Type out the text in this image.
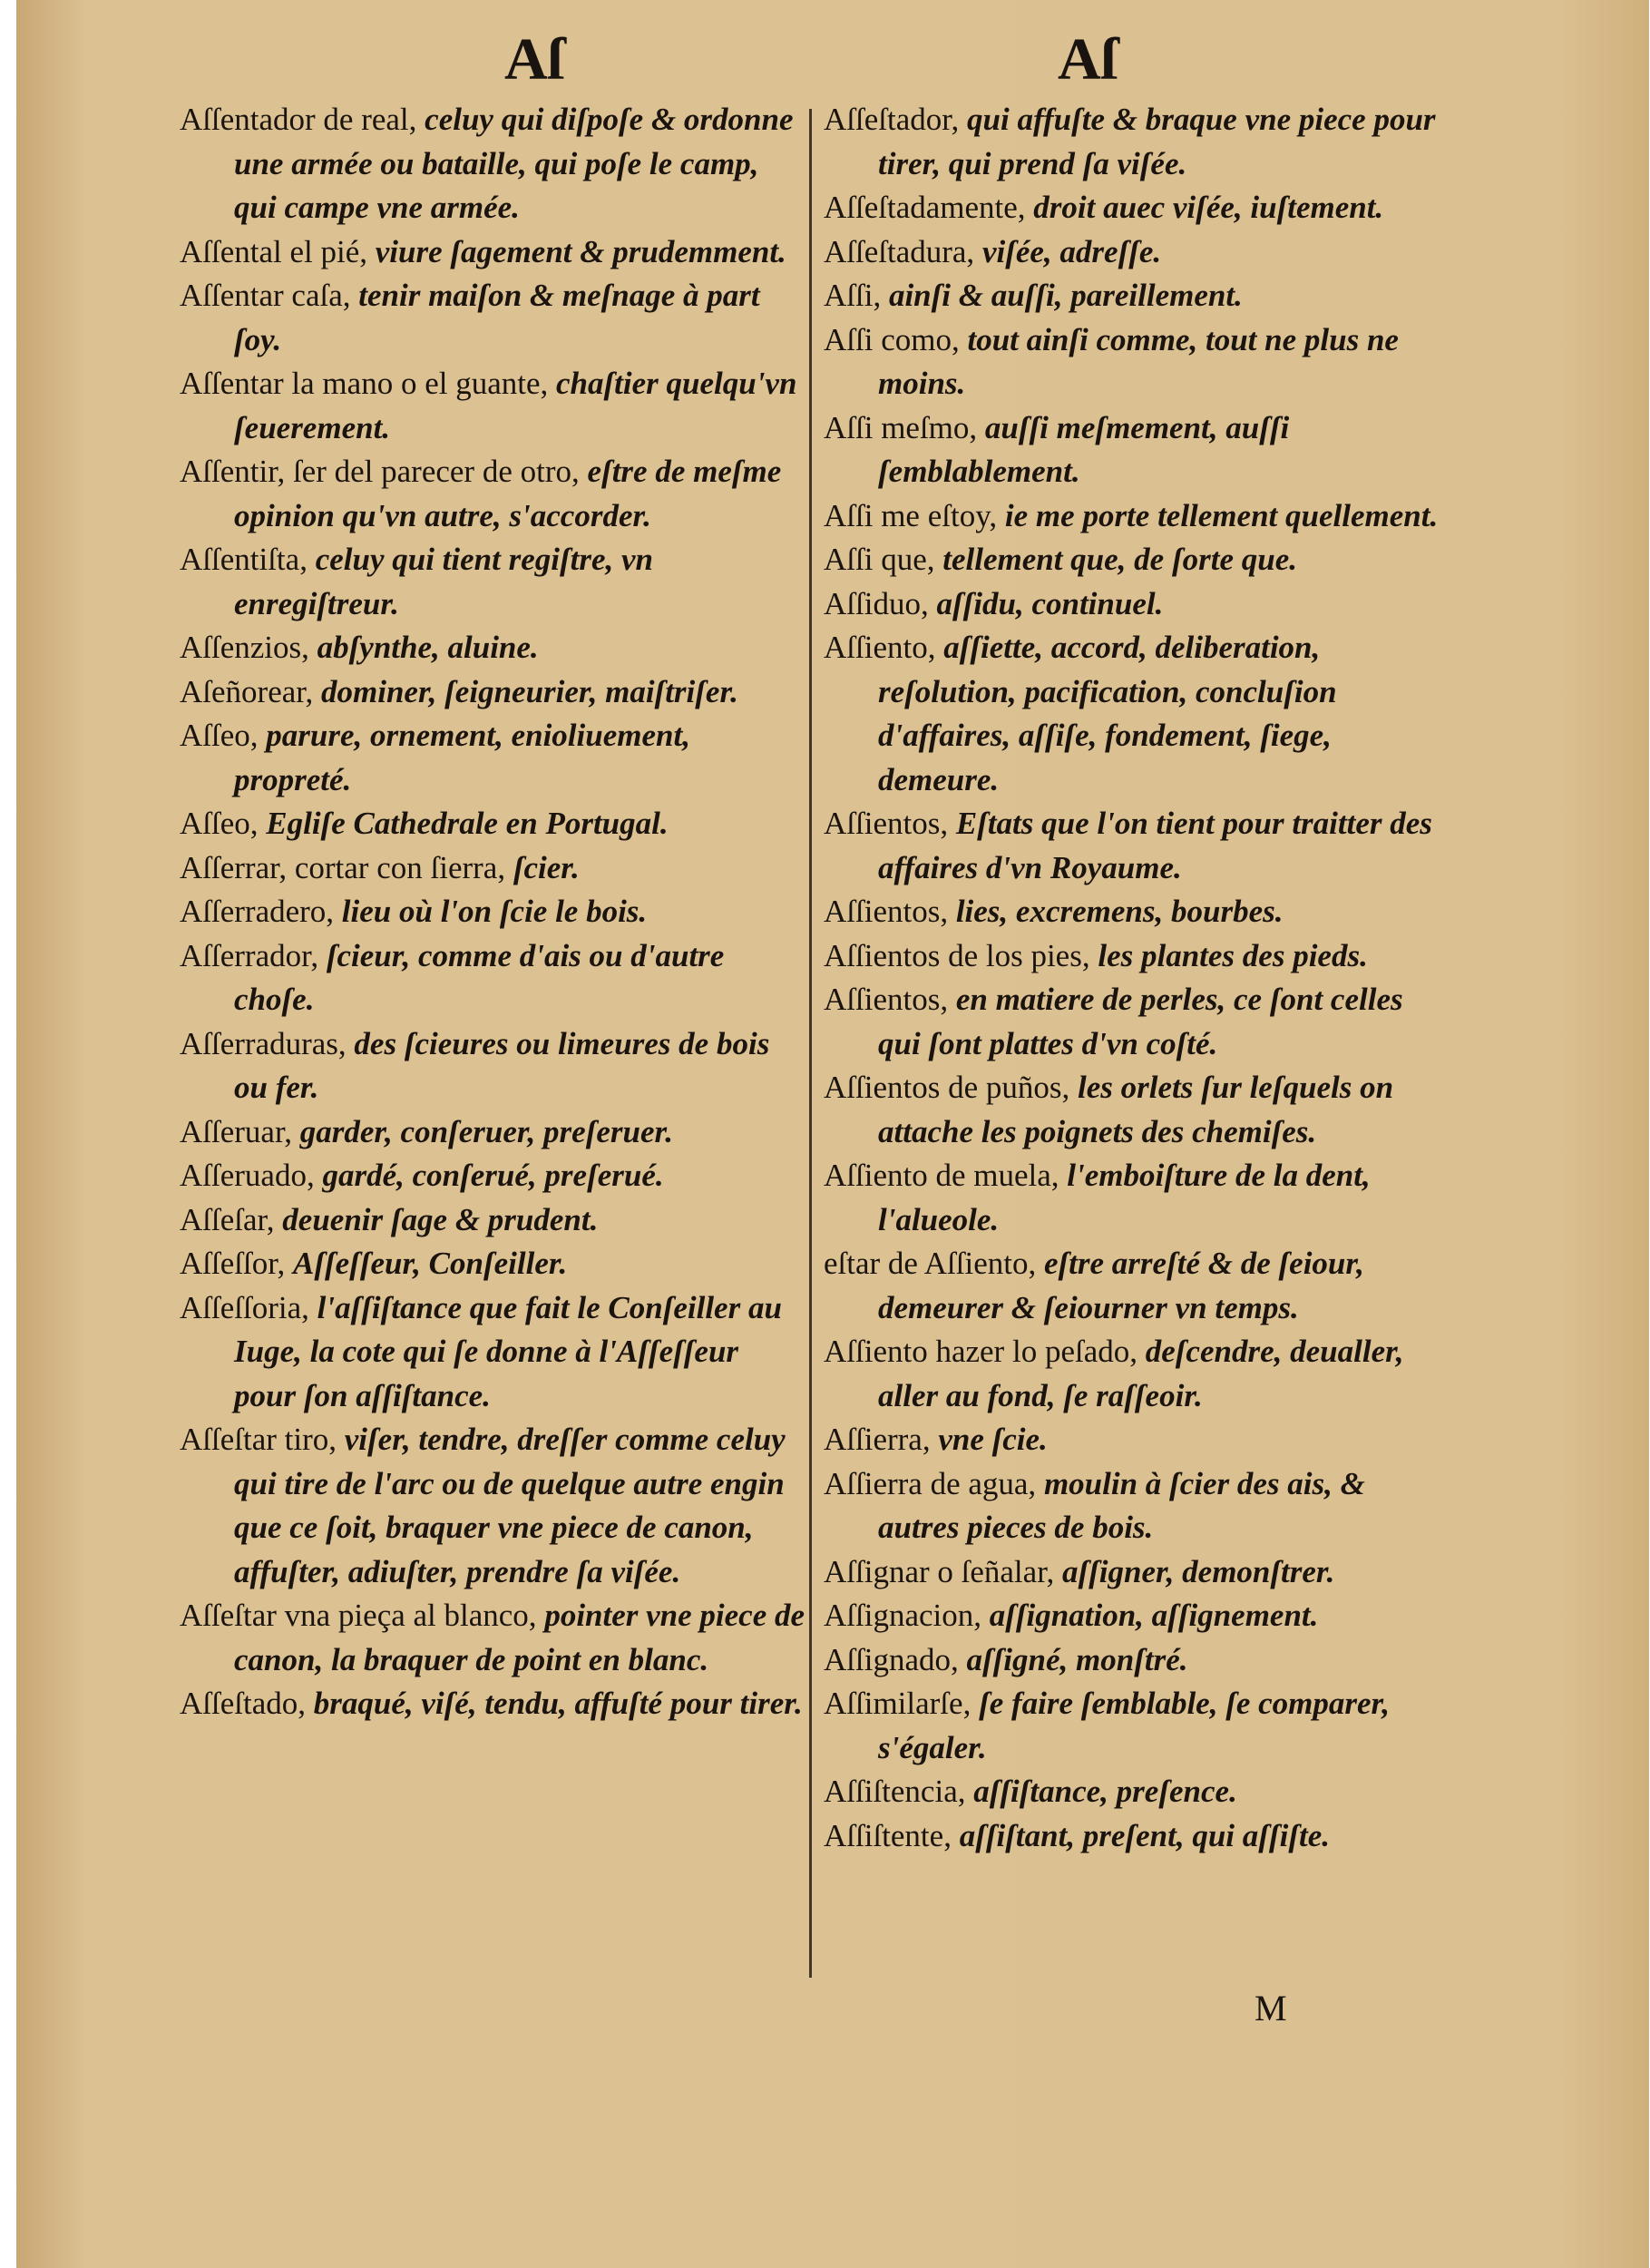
Aſ	Aſ

Aſſentador de real, celuy qui diſpoſe & ordonne une armée ou bataille, qui poſe le camp, qui campe vne armée.

Aſſental el pié, viure ſagement & prudemment.

Aſſentar caſa, tenir maiſon & meſnage à part ſoy.

Aſſentar la mano o el guante, chaſtier quelqu'vn ſeuerement.

Aſſentir, ſer del parecer de otro, eſtre de meſme opinion qu'vn autre, s'accorder.

Aſſentiſta, celuy qui tient regiſtre, vn enregiſtreur.

Aſſenzios, abſynthe, aluine.

Aſeñorear, dominer, ſeigneurier, maiſtriſer.

Aſſeo, parure, ornement, enioliuement, propreté.

Aſſeo, Egliſe Cathedrale en Portugal.

Aſſerrar, cortar con ſierra, ſcier.

Aſſerradero, lieu où l'on ſcie le bois.

Aſſerrador, ſcieur, comme d'ais ou d'autre choſe.

Aſſerraduras, des ſcieures ou limeures de bois ou fer.

Aſſeruar, garder, conſeruer, preſeruer.

Aſſeruado, gardé, conſerué, preſerué.

Aſſeſar, deuenir ſage & prudent.

Aſſeſſor, Aſſeſſeur, Conſeiller.

Aſſeſſoria, l'aſſiſtance que fait le Conſeiller au Iuge, la cote qui ſe donne à l'Aſſeſſeur pour ſon aſſiſtance.

Aſſeſtar tiro, viſer, tendre, dreſſer comme celuy qui tire de l'arc ou de quelque autre engin que ce ſoit, braquer vne piece de canon, affuſter, adiuſter, prendre ſa viſée.

Aſſeſtar vna pieça al blanco, pointer vne piece de canon, la braquer de point en blanc.

Aſſeſtado, braqué, viſé, tendu, affuſté pour tirer.

Aſſeſtador, qui affuſte & braque vne piece pour tirer, qui prend ſa viſée.

Aſſeſtadamente, droit auec viſée, iuſtement.

Aſſeſtadura, viſée, adreſſe.

Aſſi, ainſi & auſſi, pareillement.

Aſſi como, tout ainſi comme, tout ne plus ne moins.

Aſſi meſmo, auſſi meſmement, auſſi ſemblablement.

Aſſi me eſtoy, ie me porte tellement quellement.

Aſſi que, tellement que, de ſorte que.

Aſſiduo, aſſidu, continuel.

Aſſiento, aſſiette, accord, deliberation, reſolution, pacification, concluſion d'affaires, aſſiſe, fondement, ſiege, demeure.

Aſſientos, Eſtats que l'on tient pour traitter des affaires d'vn Royaume.

Aſſientos, lies, excremens, bourbes.

Aſſientos de los pies, les plantes des pieds.

Aſſientos, en matiere de perles, ce ſont celles qui ſont plattes d'vn coſté.

Aſſientos de puños, les orlets ſur leſquels on attache les poignets des chemiſes.

Aſſiento de muela, l'emboiſture de la dent, l'alueole.

eſtar de Aſſiento, eſtre arreſté & de ſeiour, demeurer & ſeiourner vn temps.

Aſſiento hazer lo peſado, deſcendre, deualler, aller au fond, ſe raſſeoir.

Aſſierra, vne ſcie.

Aſſierra de agua, moulin à ſcier des ais, & autres pieces de bois.

Aſſignar o ſeñalar, aſſigner, demonſtrer.

Aſſignacion, aſſignation, aſſignement.

Aſſignado, aſſigné, monſtré.

Aſſimilarſe, ſe faire ſemblable, ſe comparer, s'égaler.

Aſſiſtencia, aſſiſtance, preſence.

Aſſiſtente, aſſiſtant, preſent, qui aſſiſte.

M
